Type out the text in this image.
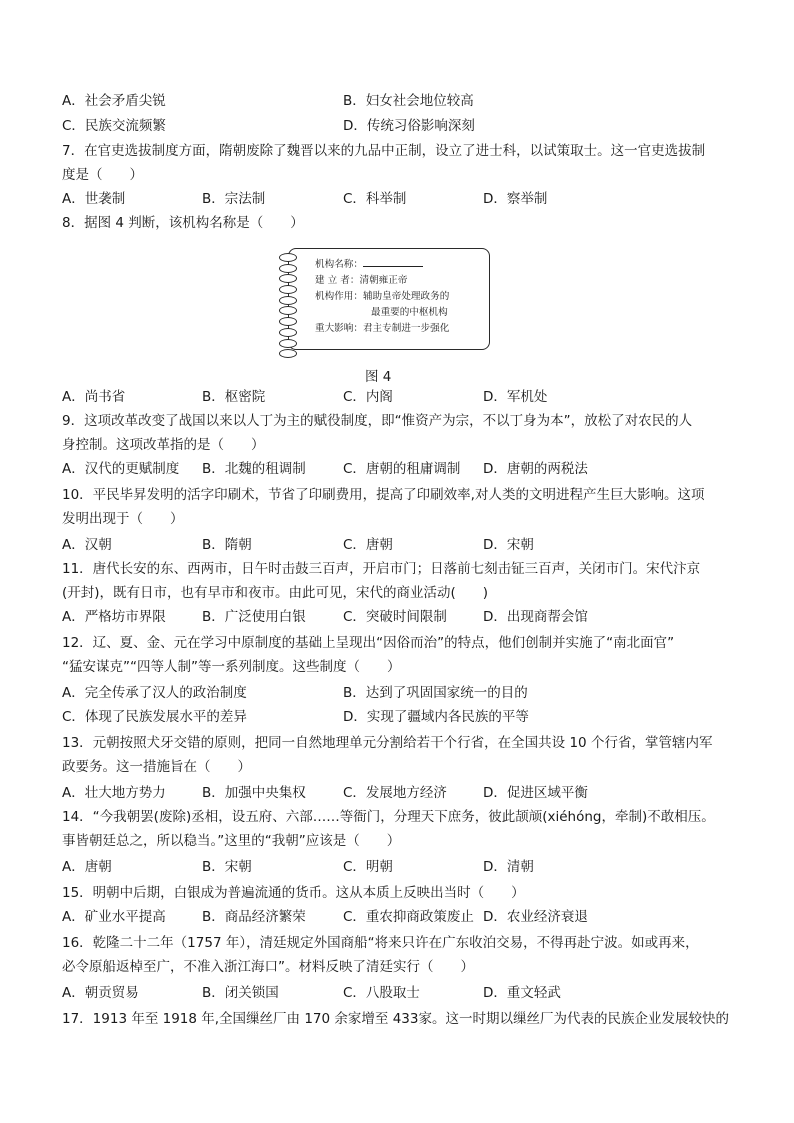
A．社会矛盾尖锐	B．妇女社会地位较高
C．民族交流频繁	D．传统习俗影响深刻
7．在官吏选拔制度方面，隋朝废除了魏晋以来的九品中正制，设立了进士科，以试策取士。这一官吏选拔制
度是（　　）
A．世袭制	B．宗法制	C．科举制	D．察举制
8．据图 4 判断，该机构名称是（　　）
机构名称：
建 立 者：清朝雍正帝
机构作用：辅助皇帝处理政务的
最重要的中枢机构
重大影响：君主专制进一步强化
图 4
A．尚书省	B．枢密院	C．内阁	D．军机处
9．这项改革改变了战国以来以人丁为主的赋役制度，即“惟资产为宗，不以丁身为本”，放松了对农民的人
身控制。这项改革指的是（　　）
A．汉代的更赋制度 B．北魏的租调制	C．唐朝的租庸调制 D．唐朝的两税法
10．平民毕昇发明的活字印刷术，节省了印刷费用，提高了印刷效率,对人类的文明进程产生巨大影响。这项
发明出现于（　　）
A．汉朝	B．隋朝	C．唐朝	D．宋朝
11．唐代长安的东、西两市，日午时击鼓三百声，开启市门；日落前七刻击钲三百声，关闭市门。宋代汴京
(开封)，既有日市，也有早市和夜市。由此可见，宋代的商业活动(　　)
A．严格坊市界限	B．广泛使用白银	C．突破时间限制	D．出现商帮会馆
12．辽、夏、金、元在学习中原制度的基础上呈现出“因俗而治”的特点，他们创制并实施了“南北面官”
“猛安谋克”“四等人制”等一系列制度。这些制度（　　）
A．完全传承了汉人的政治制度	B．达到了巩固国家统一的目的
C．体现了民族发展水平的差异	D．实现了疆域内各民族的平等
13．元朝按照犬牙交错的原则，把同一自然地理单元分割给若干个行省，在全国共设 10 个行省，掌管辖内军
政要务。这一措施旨在（　　）
A．壮大地方势力	B．加强中央集权	C．发展地方经济	D．促进区域平衡
14．“今我朝罢(废除)丞相，设五府、六部……等衙门，分理天下庶务，彼此颉颃(xiéhóng，牵制)不敢相压。
事皆朝廷总之，所以稳当。”这里的“我朝”应该是（　　）
A．唐朝	B．宋朝	C．明朝	D．清朝
15．明朝中后期，白银成为普遍流通的货币。这从本质上反映出当时（　　）
A．矿业水平提高	B．商品经济繁荣	C．重农抑商政策废止 D．农业经济衰退
16．乾隆二十二年（1757 年），清廷规定外国商船“将来只许在广东收泊交易，不得再赴宁波。如或再来，
必令原船返棹至广，不准入浙江海口”。材料反映了清廷实行（　　）
A．朝贡贸易	B．闭关锁国	C．八股取士	D．重文轻武
17．1913 年至 1918 年,全国缫丝厂由 170 余家增至 433家。这一时期以缫丝厂为代表的民族企业发展较快的
